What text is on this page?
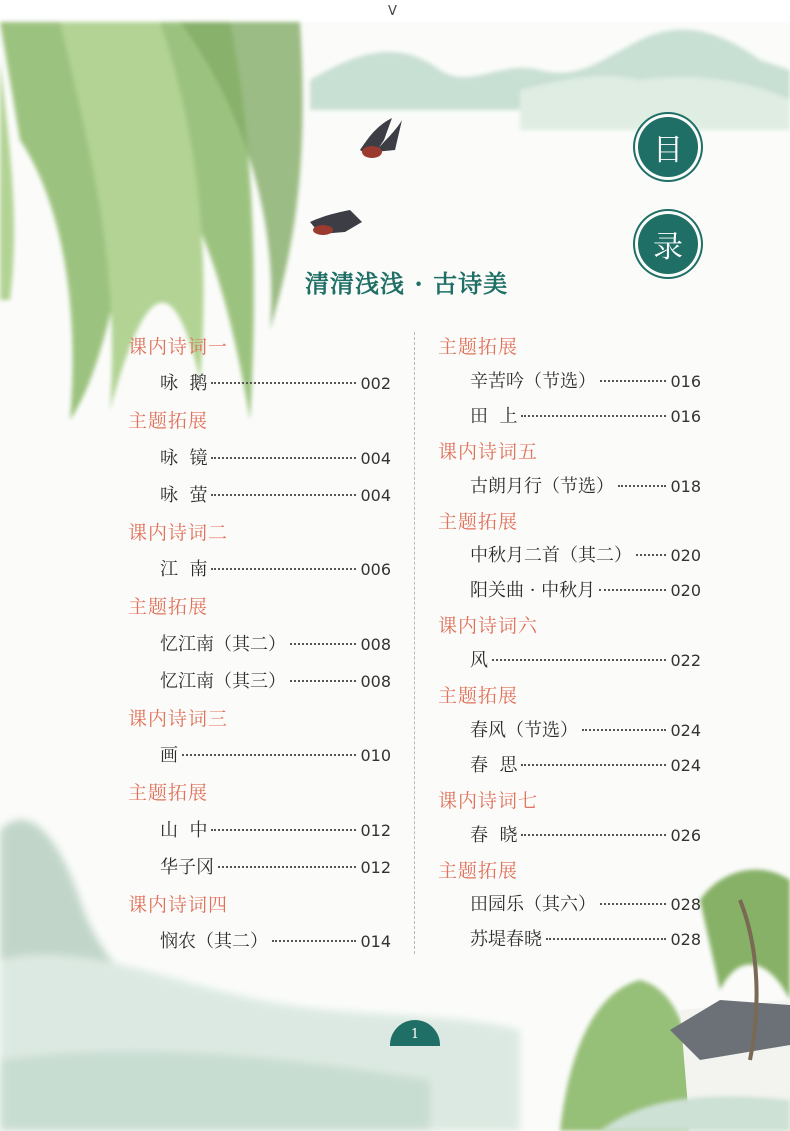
V
目
录
清清浅浅 · 古诗美
1
课内诗词一
咏  鹅	002
主题拓展
咏  镜	004
咏  萤	004
课内诗词二
江  南	006
主题拓展
忆江南（其二）	008
忆江南（其三）	008
课内诗词三
画	010
主题拓展
山  中	012
华子冈	012
课内诗词四
悯农（其二）	014
主题拓展
辛苦吟（节选）	016
田  上	016
课内诗词五
古朗月行（节选）	018
主题拓展
中秋月二首（其二） 020
阳关曲 · 中秋月	020
课内诗词六
风	022
主题拓展
春风（节选）	024
春  思	024
课内诗词七
春  晓	026
主题拓展
田园乐（其六）	028
苏堤春晓	028
